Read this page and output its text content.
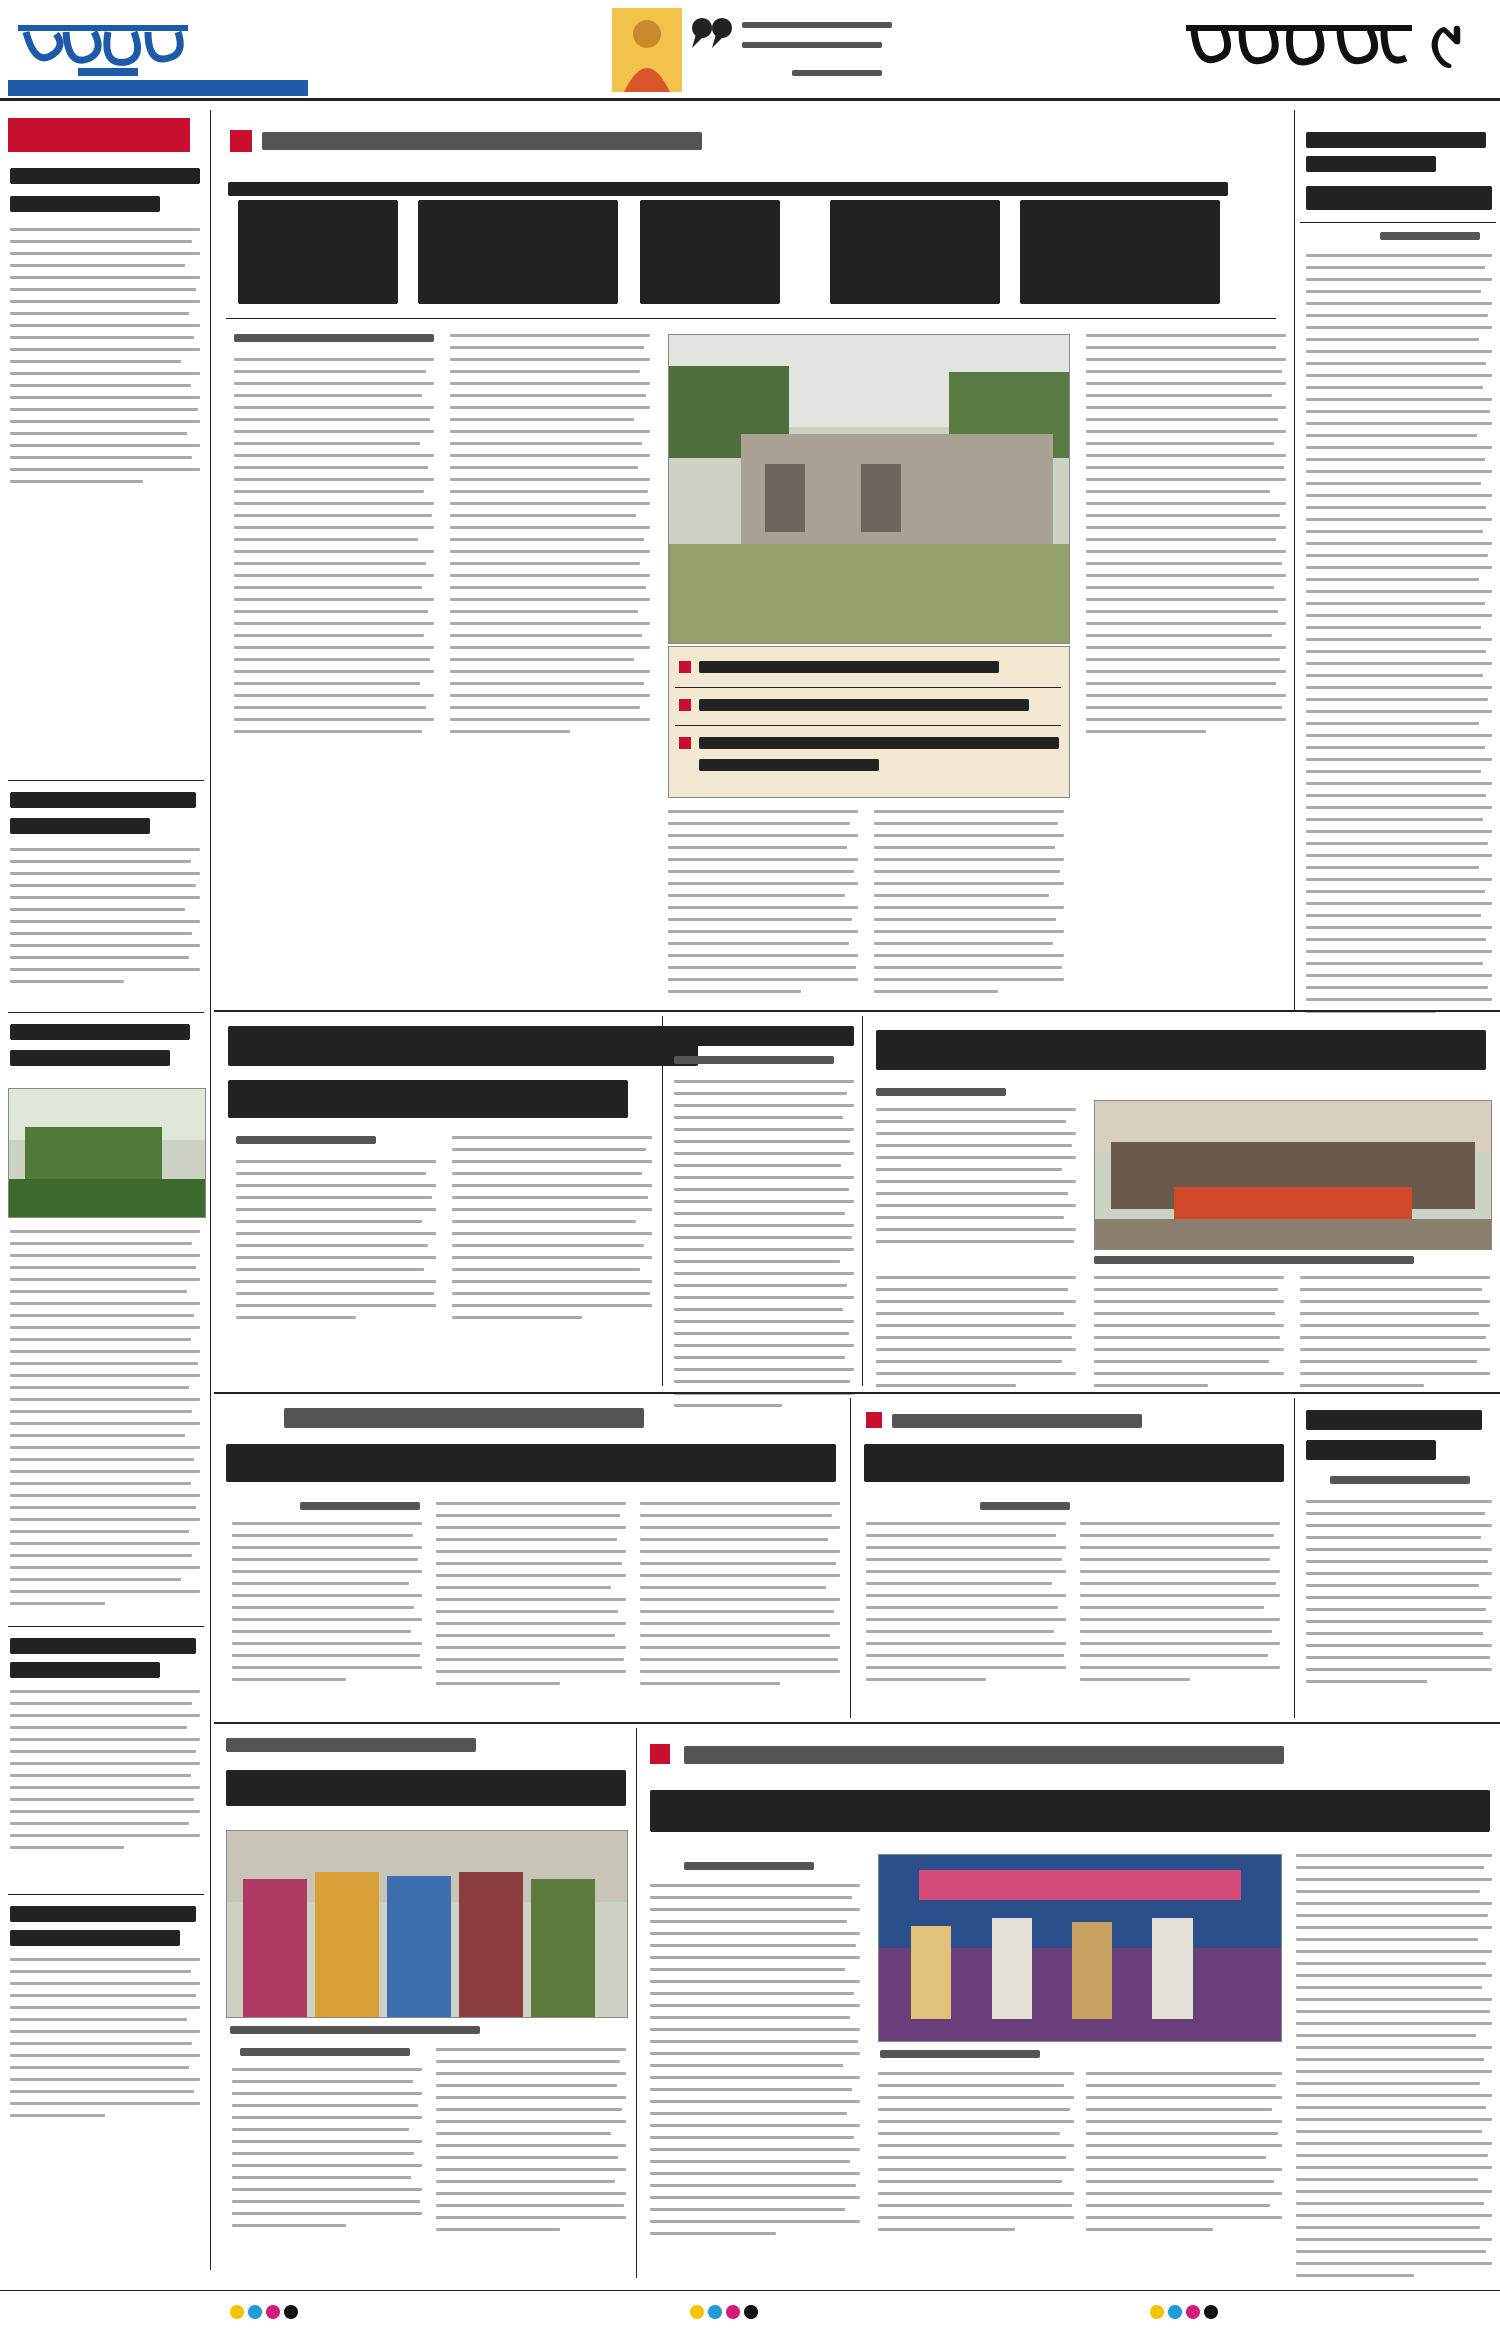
୯
